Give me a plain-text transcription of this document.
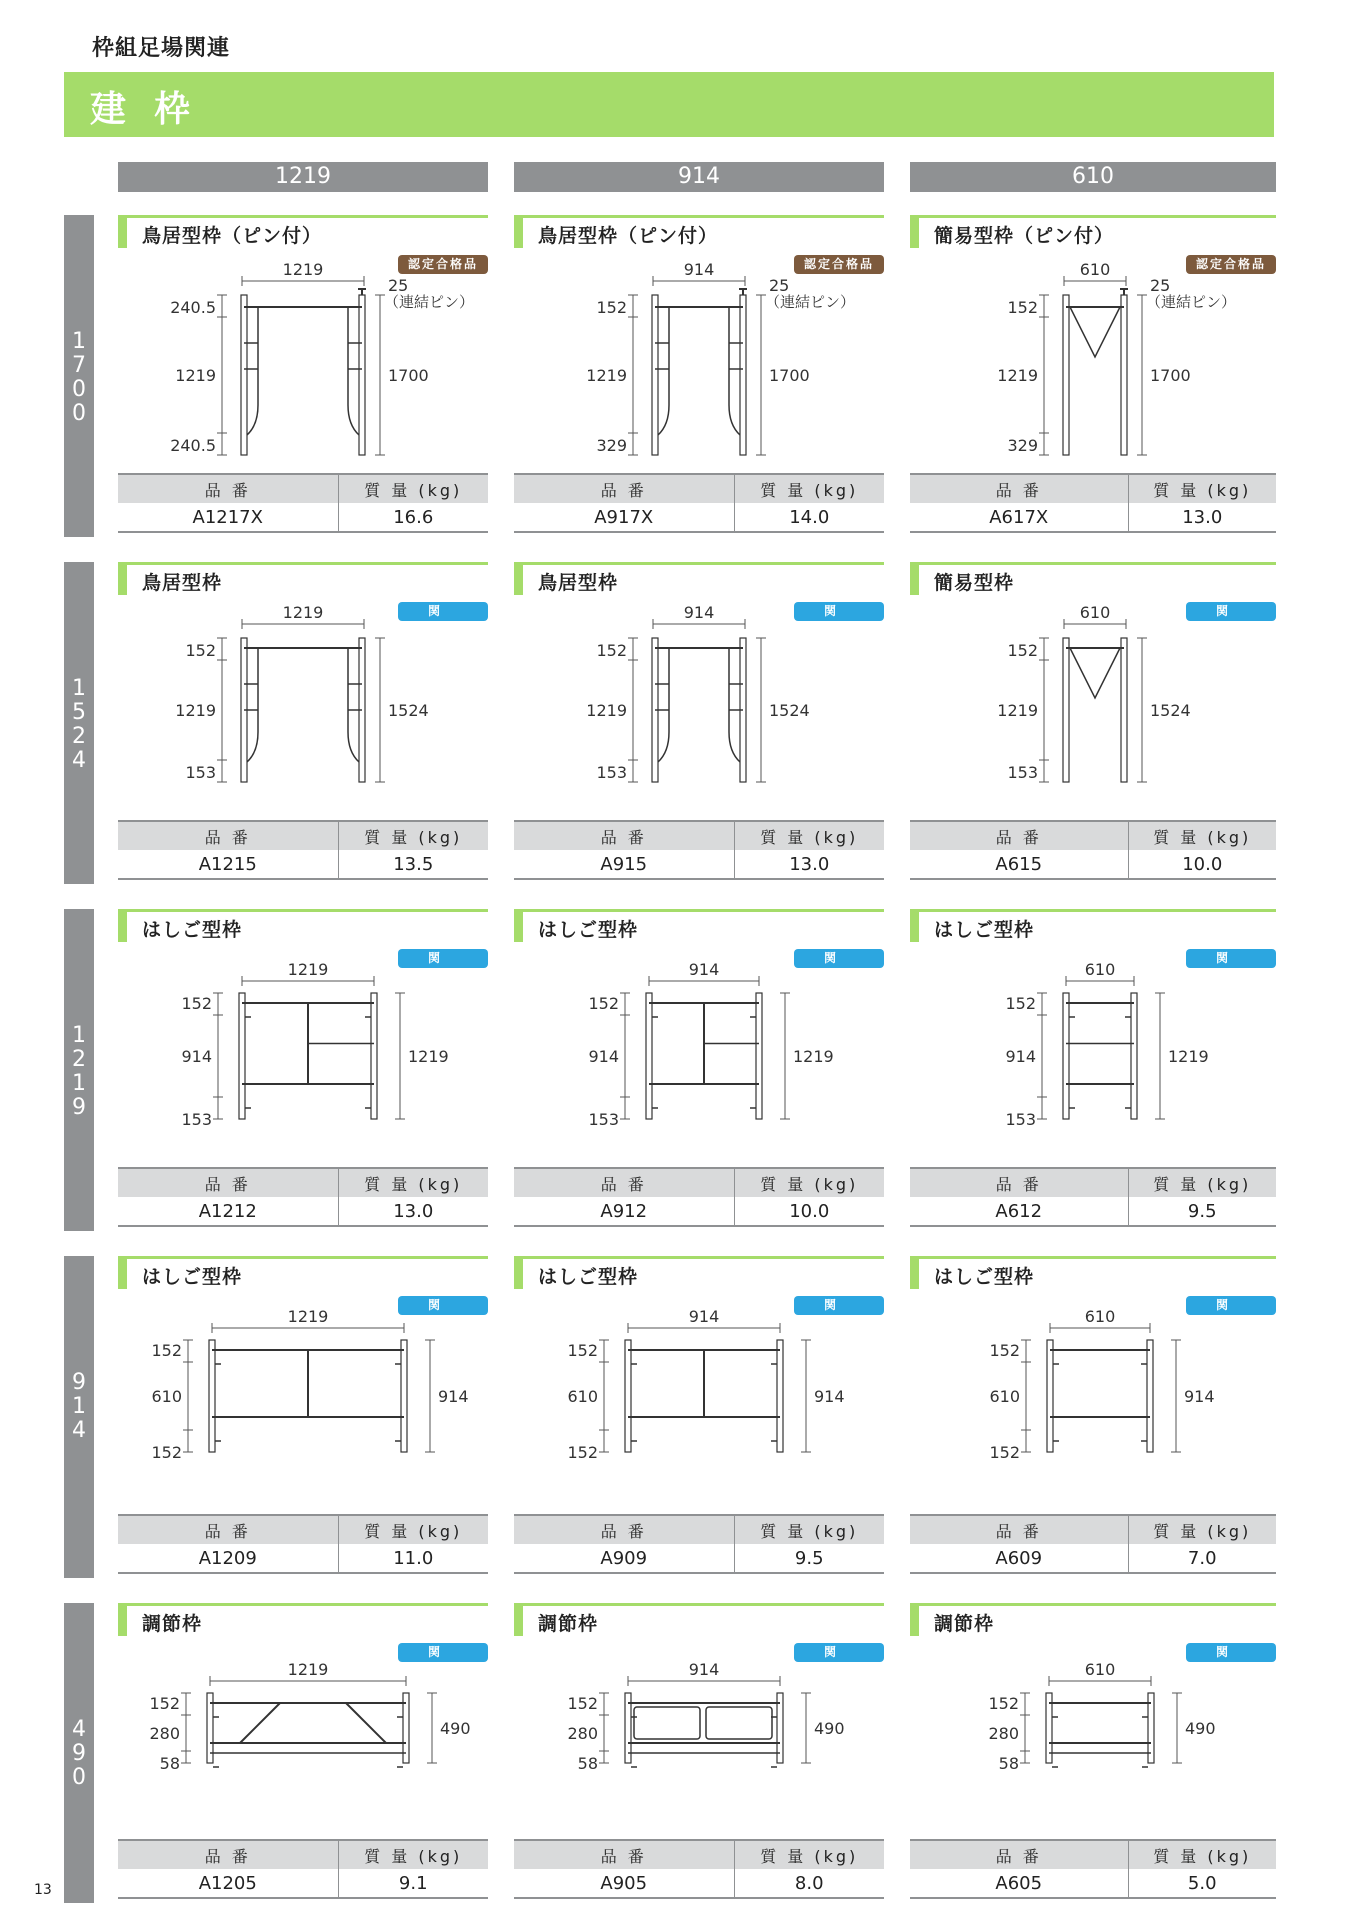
枠組足場関連
建枠
1219	914	610
1
7
0
0
1
5
2
4
1
2
1
9
9
1
4
4
9
0
鳥居型枠（ピン付）
認定合格品
1219
240.5
1219
240.5
1700
25
（連結ピン）
品 番	質 量 (kg)
A1217X	16.6
鳥居型枠（ピン付）
認定合格品
914
152
1219
329
1700
25
（連結ピン）
品 番	質 量 (kg)
A917X	14.0
簡易型枠（ピン付）
認定合格品
610
152
1219
329
1700
25
（連結ピン）
品 番	質 量 (kg)
A617X	13.0
鳥居型枠
関東
1219
152
1219
153
1524
品 番	質 量 (kg)
A1215	13.5
鳥居型枠
関東
914
152
1219
153
1524
品 番	質 量 (kg)
A915	13.0
簡易型枠
関東
610
152
1219
153
1524
品 番	質 量 (kg)
A615	10.0
はしご型枠
関東
1219
152
914
153
1219
品 番	質 量 (kg)
A1212	13.0
はしご型枠
関東
914
152
914
153
1219
品 番	質 量 (kg)
A912	10.0
はしご型枠
関東
610
152
914
153
1219
品 番	質 量 (kg)
A612	9.5
はしご型枠
関東
1219
152
610
152
914
品 番	質 量 (kg)
A1209	11.0
はしご型枠
関東
914
152
610
152
914
品 番	質 量 (kg)
A909	9.5
はしご型枠
関東
610
152
610
152
914
品 番	質 量 (kg)
A609	7.0
調節枠
関東
1219
152
280
58
490
品 番	質 量 (kg)
A1205	9.1
調節枠
関東
914
152
280
58
490
品 番	質 量 (kg)
A905	8.0
調節枠
関東
610
152
280
58
490
品 番	質 量 (kg)
A605	5.0
13
